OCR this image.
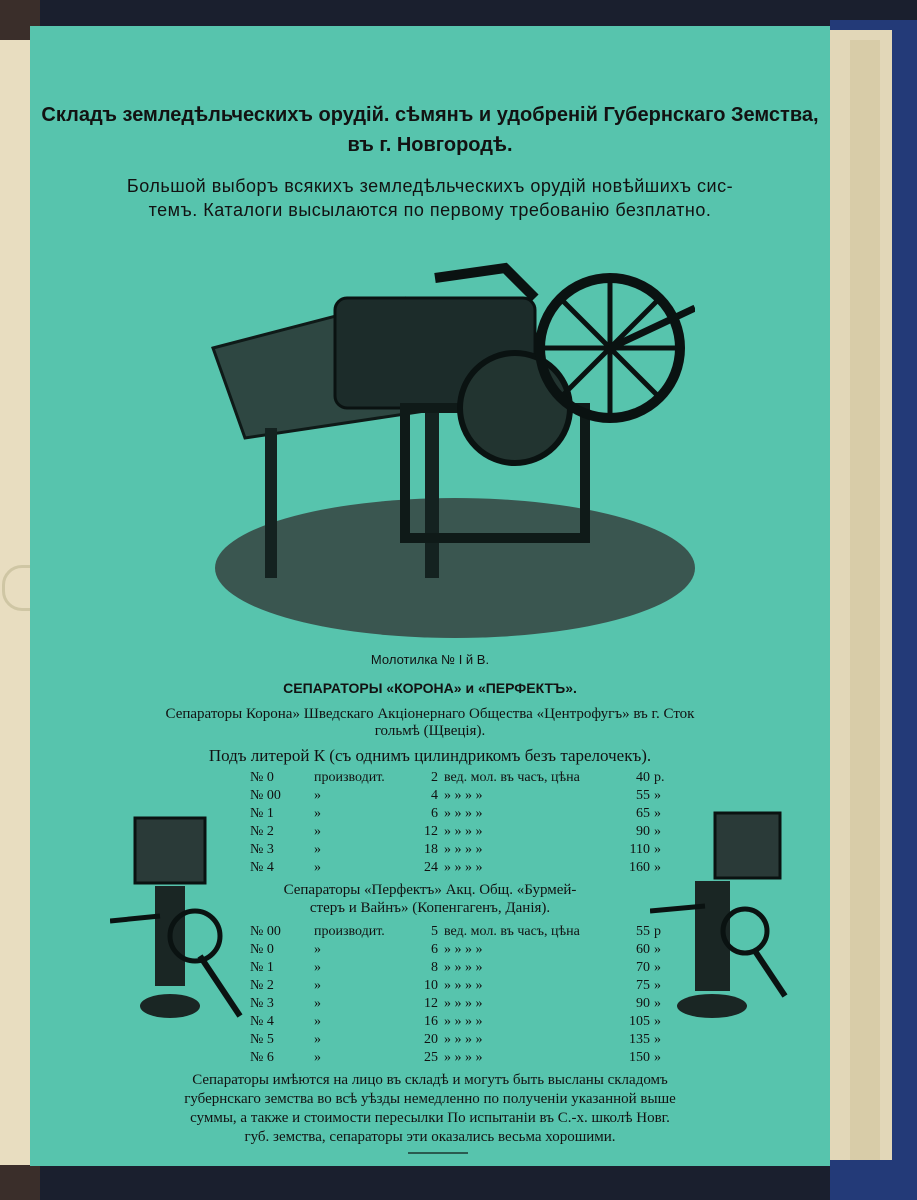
Складъ земледѣльческихъ орудій. сѣмянъ и удобреній Губернскаго Земства,
въ г. Новгородѣ.
Большой выборъ всякихъ земледѣльческихъ орудій новѣйшихъ сис-
темъ. Каталоги высылаются по первому требованію безплатно.
Молотилка № I й В.
СЕПАРАТОРЫ «КОРОНА» и «ПЕРФЕКТЪ».
Сепараторы Корона» Шведскаго Акціонернаго Общества «Центрофугъ» въ г. Сток
гольмѣ (Щвеція).
Подъ литерой К (съ однимъ цилиндрикомъ безъ тарелочекъ).
№ 0	производит.	2 вед. мол. въ часъ, цѣна	40 р.
№ 00 »	4 » » » »	55 »
№ 1	»	6 » » » »	65 »
№ 2	»	12 » » » »	90 »
№ 3	»	18 » » » »	110 »
№ 4	»	24 » » » »	160 »
Сепараторы «Перфектъ» Акц. Общ. «Бурмей-
стеръ и Вайнъ» (Копенгагенъ, Данія).
№ 00 производит.	5 вед. мол. въ часъ, цѣна	55 р
№ 0	»	6 » » » »	60 »
№ 1	»	8 » » » »	70 »
№ 2	»	10 » » » »	75 »
№ 3	»	12 » » » »	90 »
№ 4	»	16 » » » »	105 »
№ 5	»	20 » » » »	135 »
№ 6	»	25 » » » »	150 »
Сепараторы имѣются на лицо въ складѣ и могутъ быть высланы складомъ
губернскаго земства во всѣ уѣзды немедленно по полученіи указанной выше
суммы, а также и стоимости пересылки По испытаніи въ С.-х. школѣ Новг.
губ. земства, сепараторы эти оказались весьма хорошими.
